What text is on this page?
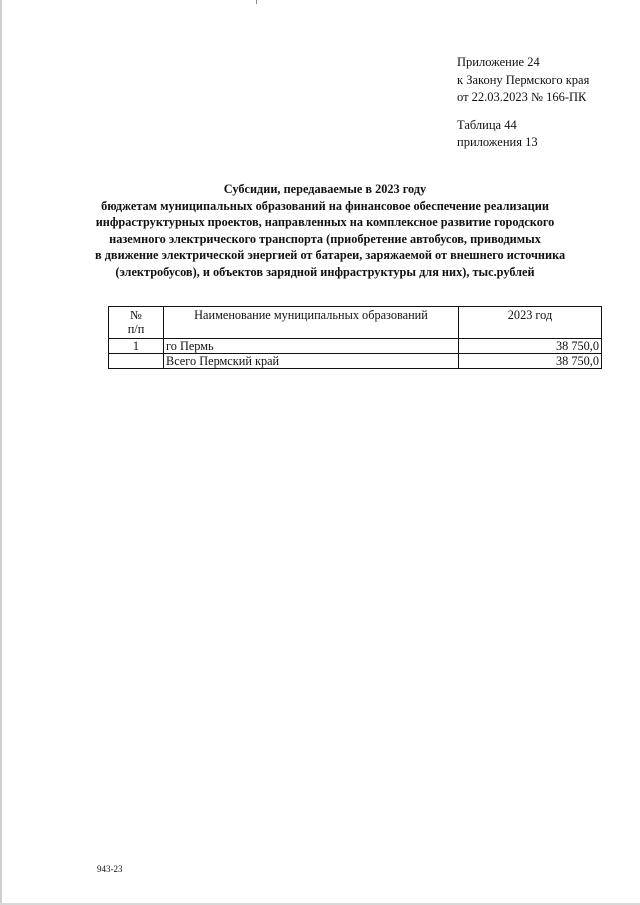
Приложение 24
к Закону Пермского края
от 22.03.2023 № 166-ПК
Таблица 44
приложения 13
Субсидии, передаваемые в 2023 году
бюджетам муниципальных образований на финансовое обеспечение реализации
инфраструктурных проектов, направленных на комплексное развитие городского
наземного электрического транспорта (приобретение автобусов, приводимых
в движение электрической энергией от батареи, заряжаемой от внешнего источника
(электробусов), и объектов зарядной инфраструктуры для них), тыс.рублей
№
п/п	Наименование муниципальных образований	2023 год
1	го Пермь	38 750,0
	Всего Пермский край	38 750,0
943-23
